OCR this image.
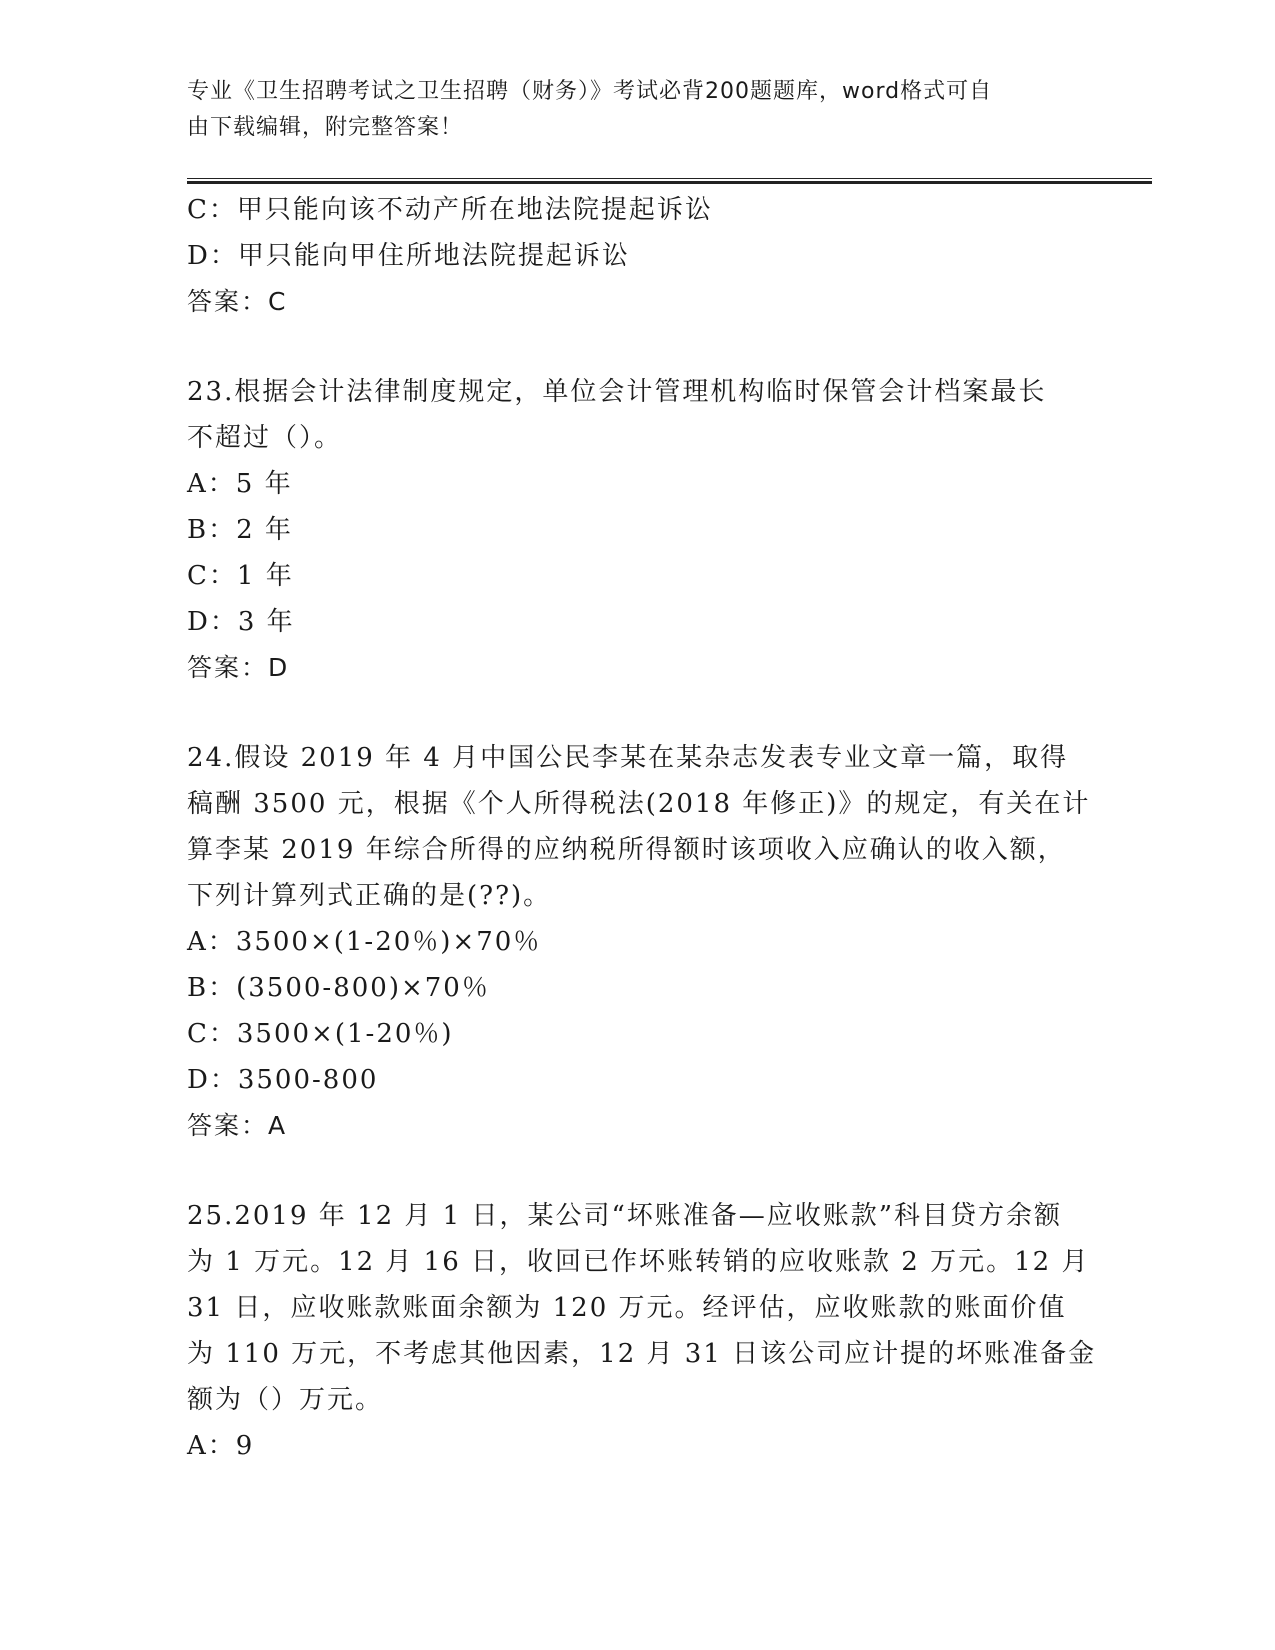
专业《卫生招聘考试之卫生招聘（财务）》考试必背200题题库，word格式可自
由下载编辑，附完整答案！
C：甲只能向该不动产所在地法院提起诉讼
D：甲只能向甲住所地法院提起诉讼
答案：C
23.根据会计法律制度规定，单位会计管理机构临时保管会计档案最长
不超过（）。
A：5 年
B：2 年
C：1 年
D：3 年
答案：D
24.假设 2019 年 4 月中国公民李某在某杂志发表专业文章一篇，取得
稿酬 3500 元，根据《个人所得税法(2018 年修正)》的规定，有关在计
算李某 2019 年综合所得的应纳税所得额时该项收入应确认的收入额，
下列计算列式正确的是(??)。
A：3500×(1-20％)×70％
B：(3500-800)×70％
C：3500×(1-20％)
D：3500-800
答案：A
25.2019 年 12 月 1 日，某公司“坏账准备—应收账款”科目贷方余额
为 1 万元。12 月 16 日，收回已作坏账转销的应收账款 2 万元。12 月
31 日，应收账款账面余额为 120 万元。经评估，应收账款的账面价值
为 110 万元，不考虑其他因素，12 月 31 日该公司应计提的坏账准备金
额为（）万元。
A：9
